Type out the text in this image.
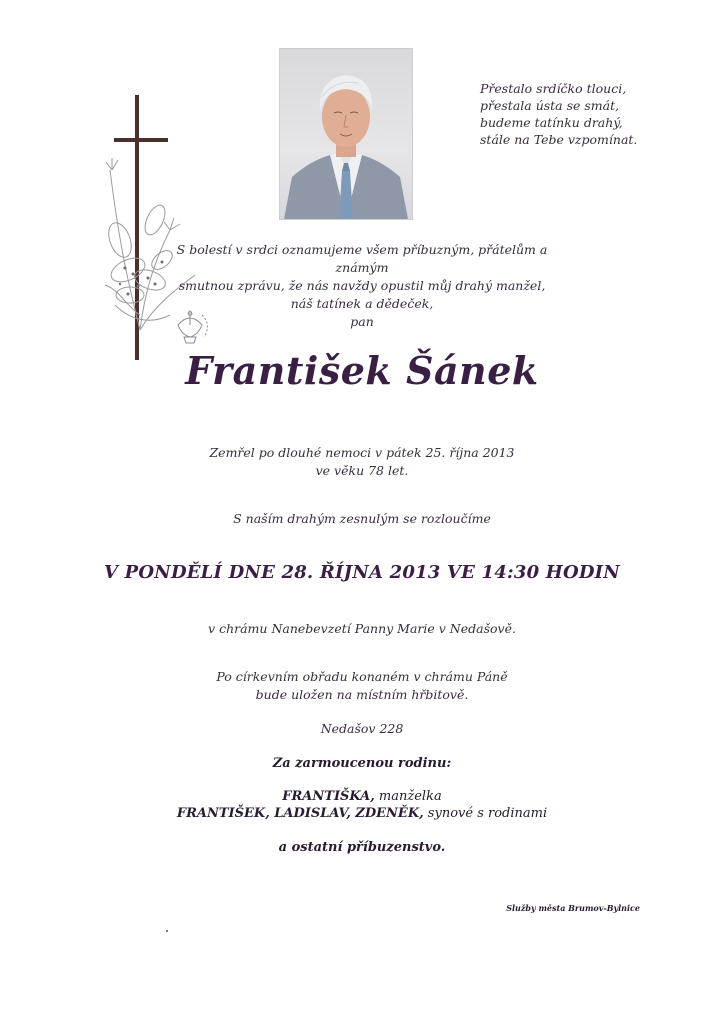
Přestalo srdíčko tlouci,
přestala ústa se smát,
budeme tatínku drahý,
stále na Tebe vzpomínat.
S bolestí v srdci oznamujeme všem příbuzným, přátelům a známým
smutnou zprávu, že nás navždy opustil můj drahý manžel,
náš tatínek a dědeček,
pan
František Šánek
Zemřel po dlouhé nemoci v pátek 25. října 2013
ve věku 78 let.
S naším drahým zesnulým se rozloučíme
V PONDĚLÍ DNE 28. ŘÍJNA 2013 VE 14:30 HODIN
v chrámu Nanebevzetí Panny Marie v Nedašově.
Po církevním obřadu konaném v chrámu Páně
bude uložen na místním hřbitově.
Nedašov 228
Za zarmoucenou rodinu:
FRANTIŠKA, manželka
FRANTIŠEK, LADISLAV, ZDENĚK, synové s rodinami
a ostatní příbuzenstvo.
Služby města Brumov-Bylnice
